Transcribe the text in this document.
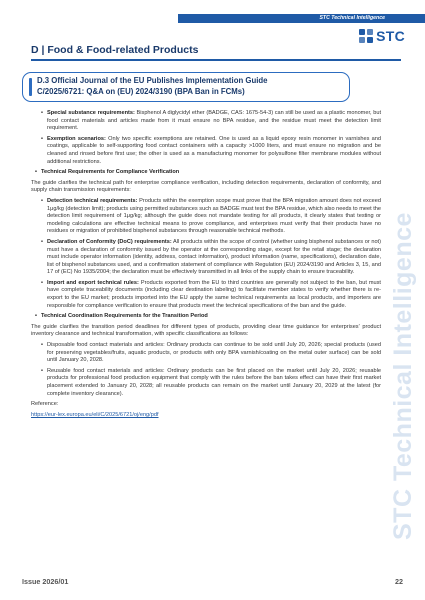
STC Technical Intelligence
STC
D | Food & Food-related Products
D.3 Official Journal of the EU Publishes Implementation Guide
C/2025/6721: Q&A on (EU) 2024/3190 (BPA Ban in FCMs)
STC Technical Intelligence

• Special substance requirements: Bisphenol A diglycidyl ether (BADGE, CAS: 1675-54-3) can still be used as a plastic monomer, but food contact materials and articles made from it must ensure no BPA residue, and the residue must meet the detection limit requirement.

• Exemption scenarios: Only two specific exemptions are retained. One is used as a liquid epoxy resin monomer in varnishes and coatings, applicable to self-supporting food contact containers with a capacity >1000 liters, and must ensure no migration and be cleaned and rinsed before first use; the other is used as a manufacturing monomer for polysulfone filter membrane modules without additional restrictions.

• Technical Requirements for Compliance Verification

The guide clarifies the technical path for enterprise compliance verification, including detection requirements, declaration of conformity, and supply chain transmission requirements:

• Detection technical requirements: Products within the exemption scope must prove that the BPA migration amount does not exceed 1μg/kg (detection limit); products using permitted substances such as BADGE must test the BPA residue, which also needs to meet the detection limit requirement of 1μg/kg; although the guide does not mandate testing for all products, it clearly states that testing or modeling calculations are effective technical means to prove compliance, and enterprises must verify that their products have no residues or migration of prohibited bisphenol substances through reasonable technical methods.

• Declaration of Conformity (DoC) requirements: All products within the scope of control (whether using bisphenol substances or not) must have a declaration of conformity issued by the operator at the corresponding stage, except for the retail stage; the declaration must include operator information (identity, address, contact information), product information (name, specifications), declaration date, list of bisphenol substances used, and a confirmation statement of compliance with Regulation (EU) 2024/3190 and Articles 3, 15, and 17 of (EC) No 1935/2004; the declaration must be effectively transmitted in all links of the supply chain to ensure traceability.

• Import and export technical rules: Products exported from the EU to third countries are generally not subject to the ban, but must have complete traceability documents (including clear destination labeling) to facilitate member states to verify whether there is re-export to the EU market; products imported into the EU apply the same technical requirements as local products, and importers are responsible for compliance verification to ensure that products meet the technical specifications of the ban and the guide.

• Technical Coordination Requirements for the Transition Period

The guide clarifies the transition period deadlines for different types of products, providing clear time guidance for enterprises' product inventory clearance and technical transformation, with specific classifications as follows:

• Disposable food contact materials and articles: Ordinary products can continue to be sold until July 20, 2026; special products (used for preserving vegetables/fruits, aquatic products, or products with only BPA varnish/coating on the metal outer surface) can be sold until January 20, 2028.

• Reusable food contact materials and articles: Ordinary products can be first placed on the market until July 20, 2026; reusable products for professional food production equipment that comply with the rules before the ban takes effect can have their first market placement extended to January 20, 2028; all reusable products can remain on the market until January 20, 2029 at the latest (for complete inventory clearance).

Reference:

https://eur-lex.europa.eu/eli/C/2025/6721/oj/eng/pdf

Issue 2026/01	22
